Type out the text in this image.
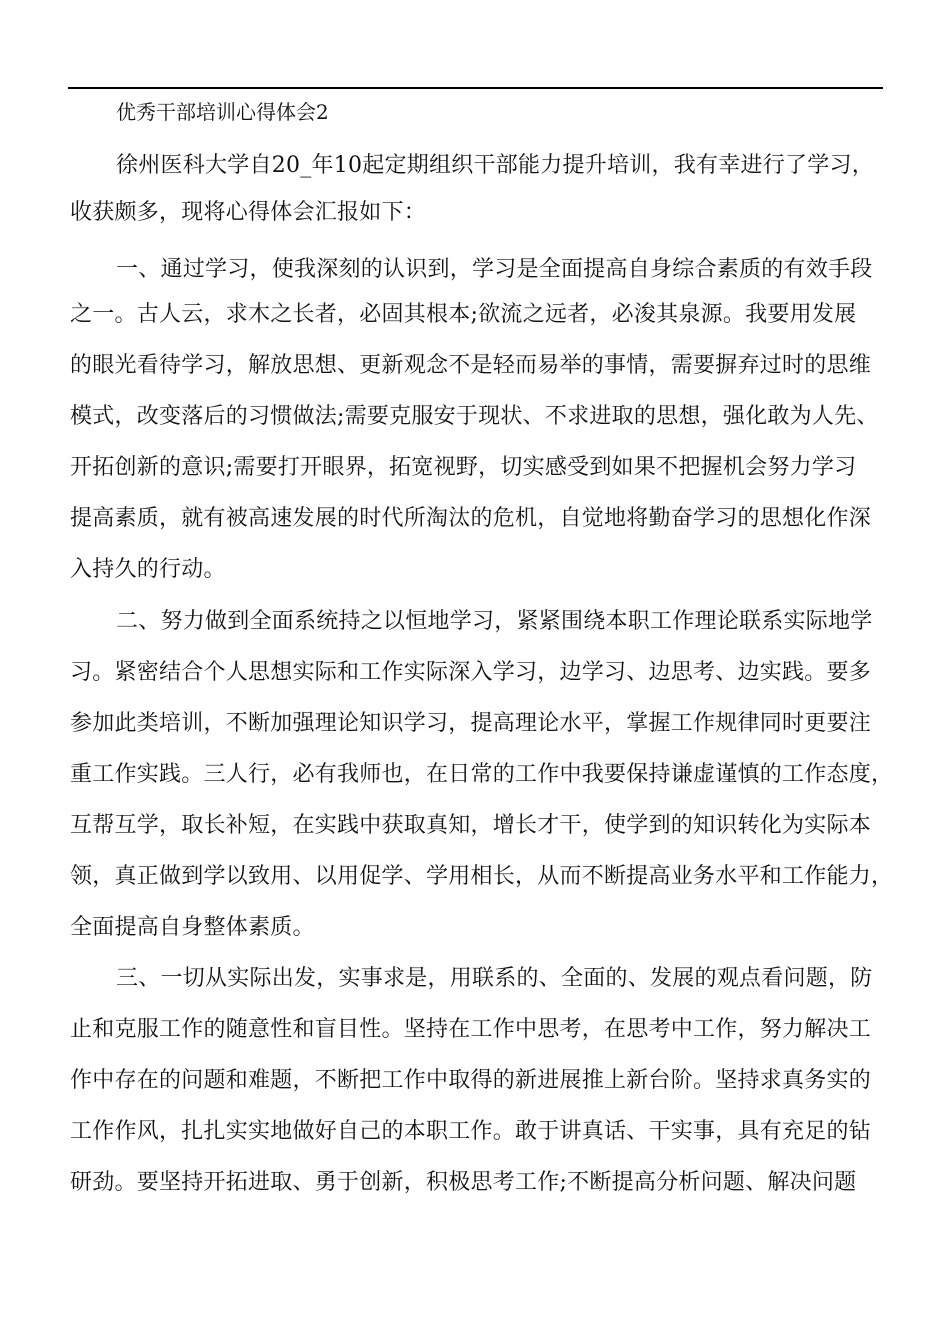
优秀干部培训心得体会2
徐州医科大学自20_年10起定期组织干部能力提升培训，我有幸进行了学习，
收获颇多，现将心得体会汇报如下：
一、通过学习，使我深刻的认识到，学习是全面提高自身综合素质的有效手段
之一。古人云，求木之长者，必固其根本;欲流之远者，必浚其泉源。我要用发展
的眼光看待学习，解放思想、更新观念不是轻而易举的事情，需要摒弃过时的思维
模式，改变落后的习惯做法;需要克服安于现状、不求进取的思想，强化敢为人先、
开拓创新的意识;需要打开眼界，拓宽视野，切实感受到如果不把握机会努力学习
提高素质，就有被高速发展的时代所淘汰的危机，自觉地将勤奋学习的思想化作深
入持久的行动。
二、努力做到全面系统持之以恒地学习，紧紧围绕本职工作理论联系实际地学
习。紧密结合个人思想实际和工作实际深入学习，边学习、边思考、边实践。要多
参加此类培训，不断加强理论知识学习，提高理论水平，掌握工作规律同时更要注
重工作实践。三人行，必有我师也，在日常的工作中我要保持谦虚谨慎的工作态度，
互帮互学，取长补短，在实践中获取真知，增长才干，使学到的知识转化为实际本
领，真正做到学以致用、以用促学、学用相长，从而不断提高业务水平和工作能力，
全面提高自身整体素质。
三、一切从实际出发，实事求是，用联系的、全面的、发展的观点看问题，防
止和克服工作的随意性和盲目性。坚持在工作中思考，在思考中工作，努力解决工
作中存在的问题和难题，不断把工作中取得的新进展推上新台阶。坚持求真务实的
工作作风，扎扎实实地做好自己的本职工作。敢于讲真话、干实事，具有充足的钻
研劲。要坚持开拓进取、勇于创新，积极思考工作;不断提高分析问题、解决问题
